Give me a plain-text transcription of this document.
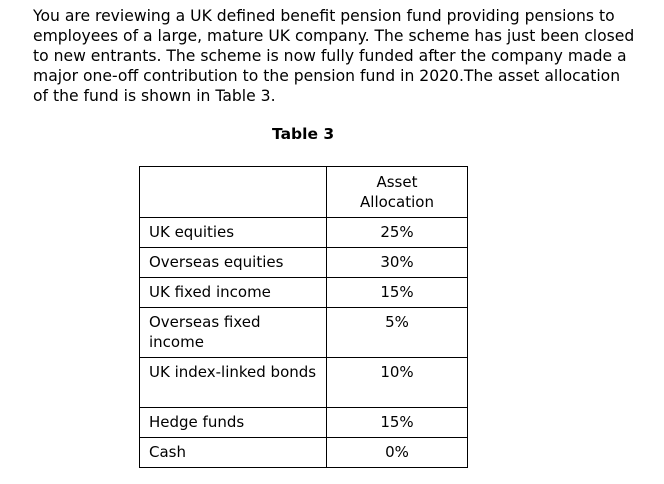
You are reviewing a UK defined benefit pension fund providing pensions to
employees of a large, mature UK company. The scheme has just been closed
to new entrants. The scheme is now fully funded after the company made a
major one-off contribution to the pension fund in 2020.The asset allocation
of the fund is shown in Table 3.
Table 3

	Asset
Allocation

UK equities	25%
Overseas equities	30%
UK fixed income	15%
Overseas fixed income	5%
UK index-linked bonds	10%
Hedge funds	15%
Cash	0%
